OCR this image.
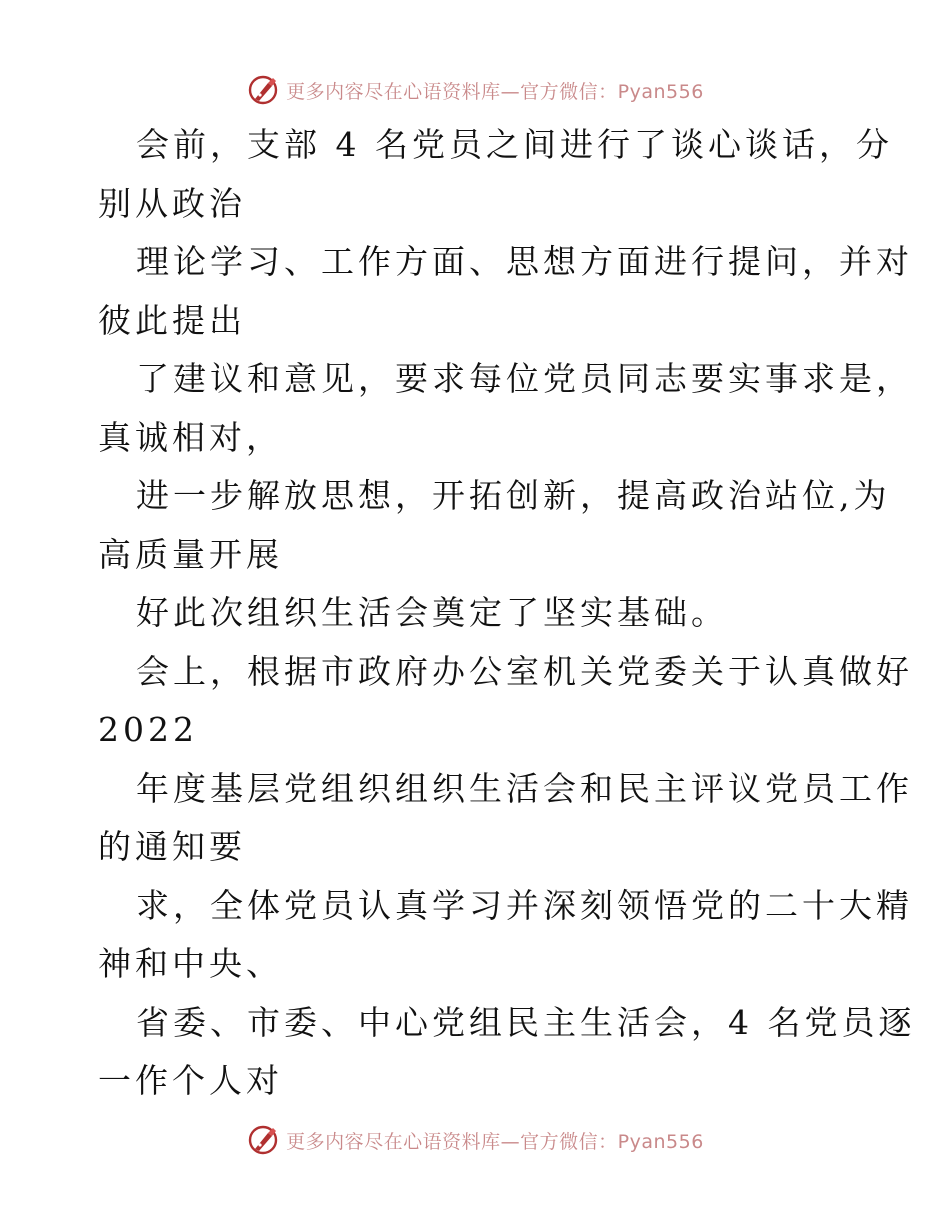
更多内容尽在心语资料库—官方微信：Pyan556
会前，支部 4 名党员之间进行了谈心谈话，分
别从政治
理论学习、工作方面、思想方面进行提问，并对
彼此提出
了建议和意见，要求每位党员同志要实事求是，
真诚相对，
进一步解放思想，开拓创新，提高政治站位,为
高质量开展
好此次组织生活会奠定了坚实基础。
会上，根据市政府办公室机关党委关于认真做好
2022
年度基层党组织组织生活会和民主评议党员工作
的通知要
求，全体党员认真学习并深刻领悟党的二十大精
神和中央、
省委、市委、中心党组民主生活会，4 名党员逐
一作个人对
更多内容尽在心语资料库—官方微信：Pyan556
